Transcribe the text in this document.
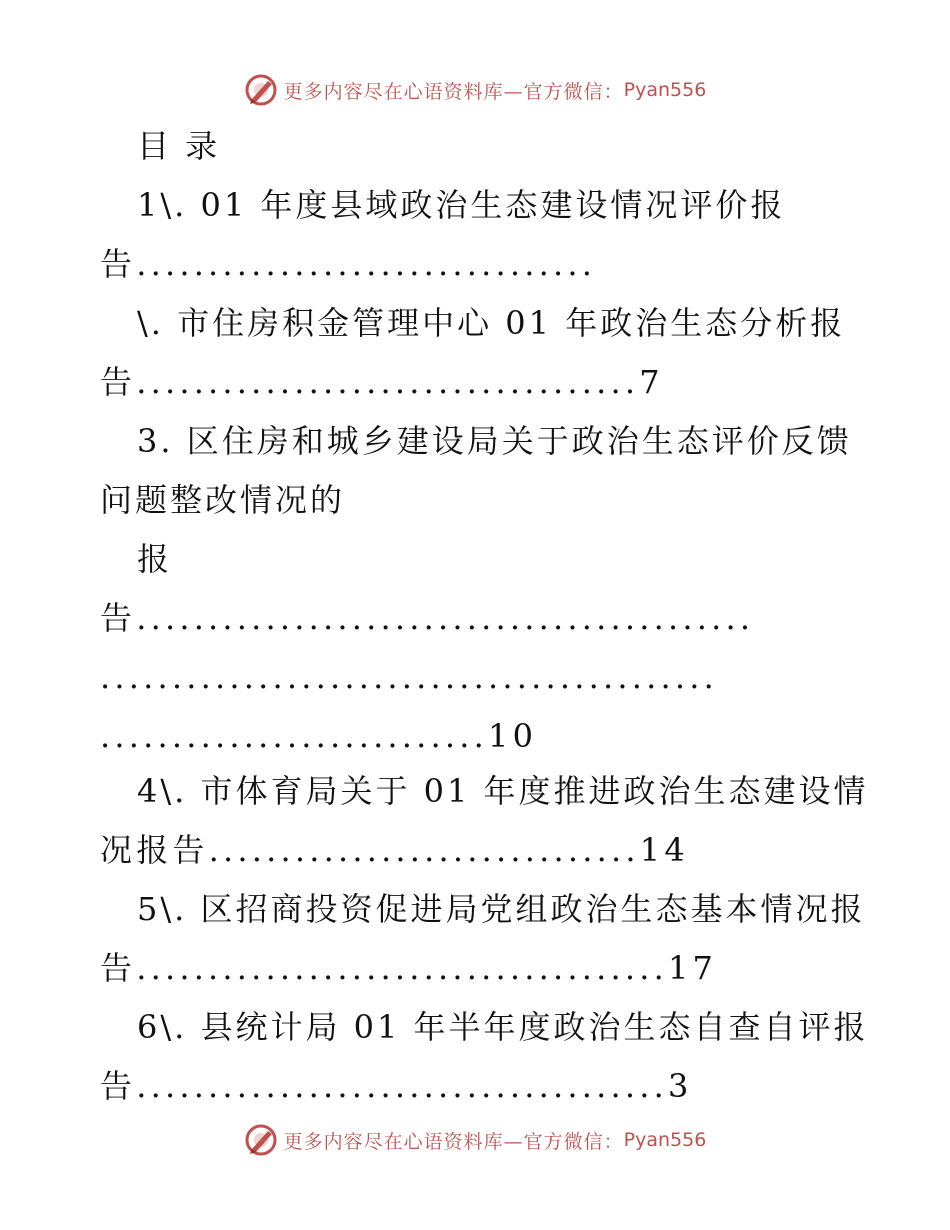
更多内容尽在心语资料库—官方微信： Pyan556
目 录
1\. 01 年度县域政治生态建设情况评价报
告................................
\. 市住房积金管理中心 01 年政治生态分析报
告...................................7
3. 区住房和城乡建设局关于政治生态评价反馈
问题整改情况的
报
告...........................................
...........................................
...........................10
4\. 市体育局关于 01 年度推进政治生态建设情
况报告..............................14
5\. 区招商投资促进局党组政治生态基本情况报
告.....................................17
6\. 县统计局 01 年半年度政治生态自查自评报
告.....................................3
更多内容尽在心语资料库—官方微信： Pyan556
